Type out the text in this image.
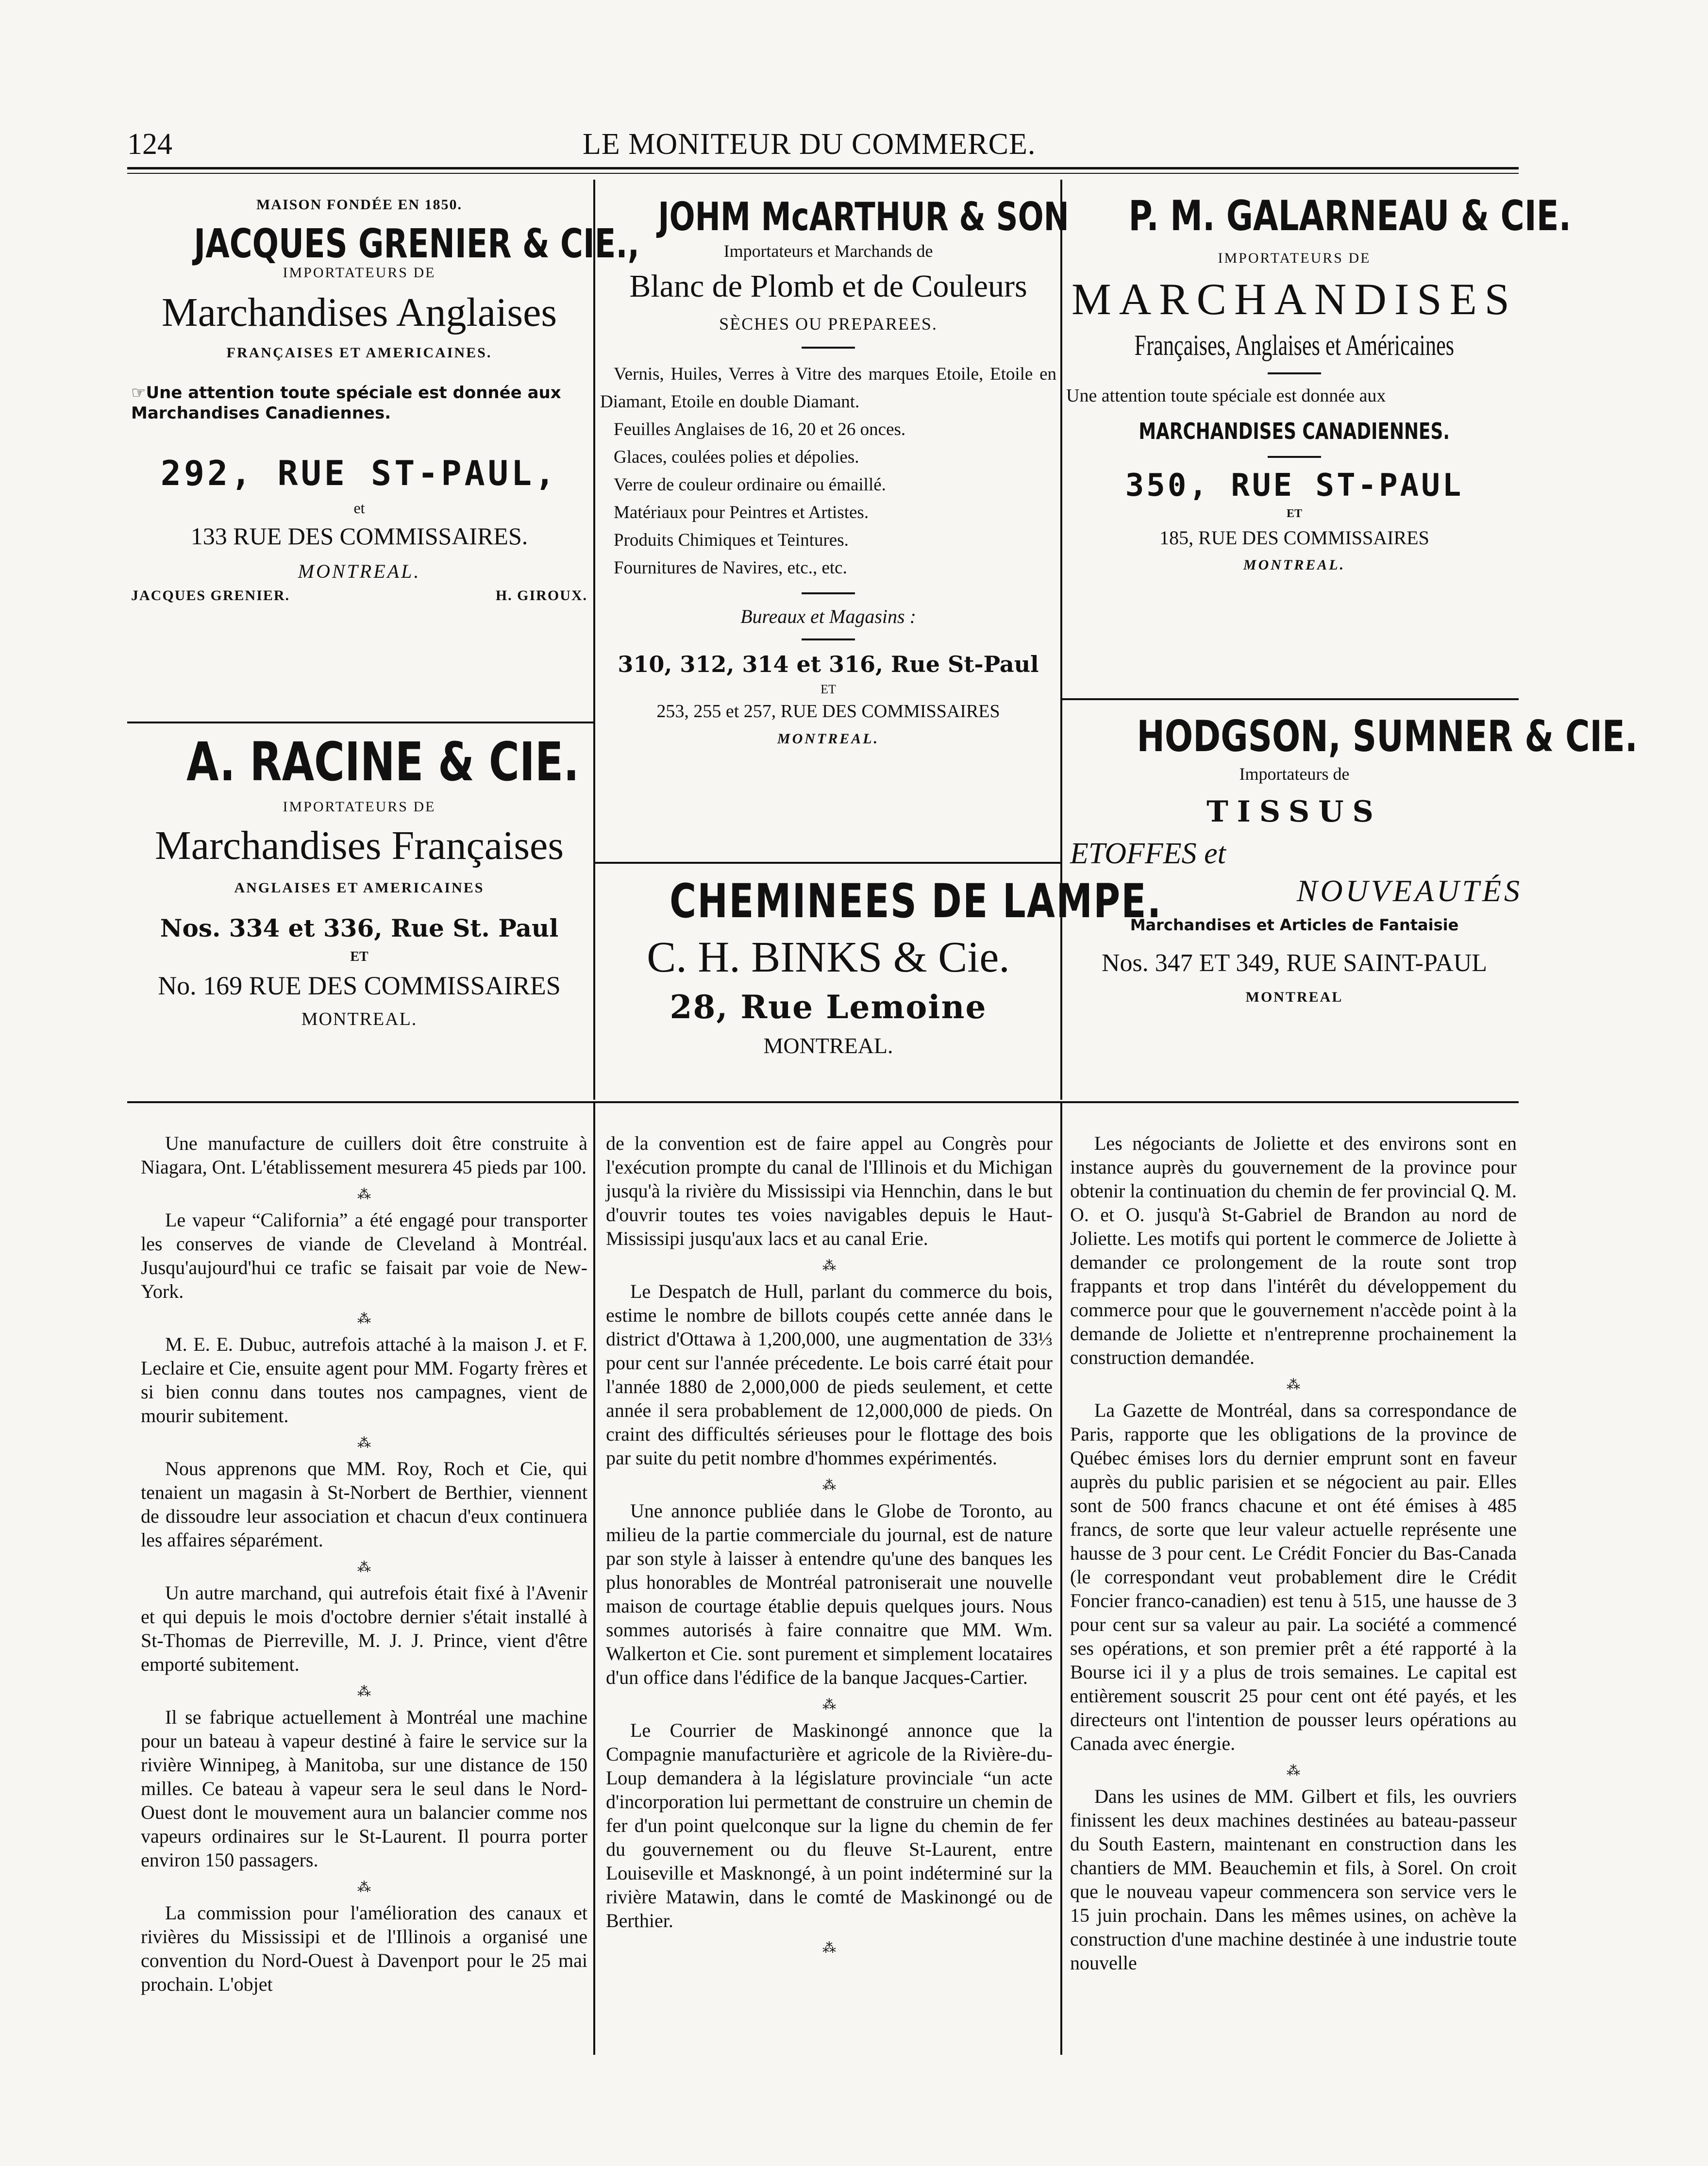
124	LE MONITEUR DU COMMERCE.
MAISON FONDÉE EN 1850.
JACQUES GRENIER & CIE.,
IMPORTATEURS DE
Marchandises Anglaises
FRANÇAISES ET AMERICAINES.
☞Une attention toute spéciale est donnée aux Marchandises Canadiennes.
292, RUE ST-PAUL,
et
133 RUE DES COMMISSAIRES.
MONTREAL.
JACQUES GRENIER.	H. GIROUX.
A. RACINE & CIE.
IMPORTATEURS DE
Marchandises Françaises
ANGLAISES ET AMERICAINES
Nos. 334 et 336, Rue St. Paul
ET
No. 169 RUE DES COMMISSAIRES
MONTREAL.
JOHM McARTHUR & SON
Importateurs et Marchands de
Blanc de Plomb et de Couleurs
SÈCHES OU PREPAREES.
Vernis, Huiles, Verres à Vitre des marques Etoile, Etoile en Diamant, Etoile en double Diamant.
Feuilles Anglaises de 16, 20 et 26 onces.
Glaces, coulées polies et dépolies.
Verre de couleur ordinaire ou émaillé.
Matériaux pour Peintres et Artistes.
Produits Chimiques et Teintures.
Fournitures de Navires, etc., etc.
Bureaux et Magasins :
310, 312, 314 et 316, Rue St-Paul
ET
253, 255 et 257, RUE DES COMMISSAIRES
MONTREAL.
CHEMINEES DE LAMPE.
C. H. BINKS & Cie.
28, Rue Lemoine
MONTREAL.
P. M. GALARNEAU & CIE.
IMPORTATEURS DE
MARCHANDISES
Françaises, Anglaises et Américaines
Une attention toute spéciale est donnée aux
MARCHANDISES CANADIENNES.
350, RUE ST-PAUL
ET
185, RUE DES COMMISSAIRES
MONTREAL.
HODGSON, SUMNER & CIE.
Importateurs de
TISSUS
ETOFFES et
NOUVEAUTÉS
Marchandises et Articles de Fantaisie
Nos. 347 ET 349, RUE SAINT-PAUL
MONTREAL

Une manufacture de cuillers doit être construite à Niagara, Ont. L'établissement mesurera 45 pieds par 100.

⁂

Le vapeur “California” a été engagé pour transporter les conserves de viande de Cleveland à Montréal. Jusqu'aujourd'hui ce trafic se faisait par voie de New-York.

⁂

M. E. E. Dubuc, autrefois attaché à la maison J. et F. Leclaire et Cie, ensuite agent pour MM. Fogarty frères et si bien connu dans toutes nos campagnes, vient de mourir subitement.

⁂

Nous apprenons que MM. Roy, Roch et Cie, qui tenaient un magasin à St-Norbert de Berthier, viennent de dissoudre leur association et chacun d'eux continuera les affaires séparément.

⁂

Un autre marchand, qui autrefois était fixé à l'Avenir et qui depuis le mois d'octobre dernier s'était installé à St-Thomas de Pierreville, M. J. J. Prince, vient d'être emporté subitement.

⁂

Il se fabrique actuellement à Montréal une machine pour un bateau à vapeur destiné à faire le service sur la rivière Winnipeg, à Manitoba, sur une distance de 150 milles. Ce bateau à vapeur sera le seul dans le Nord-Ouest dont le mouvement aura un balancier comme nos vapeurs ordinaires sur le St-Laurent. Il pourra porter environ 150 passagers.

⁂

La commission pour l'amélioration des canaux et rivières du Mississipi et de l'Illinois a organisé une convention du Nord-Ouest à Davenport pour le 25 mai prochain. L'objet

de la convention est de faire appel au Congrès pour l'exécution prompte du canal de l'Illinois et du Michigan jusqu'à la rivière du Mississipi via Hennchin, dans le but d'ouvrir toutes tes voies navigables depuis le Haut-Mississipi jusqu'aux lacs et au canal Erie.

⁂

Le Despatch de Hull, parlant du commerce du bois, estime le nombre de billots coupés cette année dans le district d'Ottawa à 1,200,000, une augmentation de 33⅓ pour cent sur l'année précedente. Le bois carré était pour l'année 1880 de 2,000,000 de pieds seulement, et cette année il sera probablement de 12,000,000 de pieds. On craint des difficultés sérieuses pour le flottage des bois par suite du petit nombre d'hommes expérimentés.

⁂

Une annonce publiée dans le Globe de Toronto, au milieu de la partie commerciale du journal, est de nature par son style à laisser à entendre qu'une des banques les plus honorables de Montréal patroniserait une nouvelle maison de courtage établie depuis quelques jours. Nous sommes autorisés à faire connaitre que MM. Wm. Walkerton et Cie. sont purement et simplement locataires d'un office dans l'édifice de la banque Jacques-Cartier.

⁂

Le Courrier de Maskinongé annonce que la Compagnie manufacturière et agricole de la Rivière-du-Loup demandera à la législature provinciale “un acte d'incorporation lui permettant de construire un chemin de fer d'un point quelconque sur la ligne du chemin de fer du gouvernement ou du fleuve St-Laurent, entre Louiseville et Masknongé, à un point indéterminé sur la rivière Matawin, dans le comté de Maskinongé ou de Berthier.

⁂

Les négociants de Joliette et des environs sont en instance auprès du gouvernement de la province pour obtenir la continuation du chemin de fer provincial Q. M. O. et O. jusqu'à St-Gabriel de Brandon au nord de Joliette. Les motifs qui portent le commerce de Joliette à demander ce prolongement de la route sont trop frappants et trop dans l'intérêt du développement du commerce pour que le gouvernement n'accède point à la demande de Joliette et n'entreprenne prochainement la construction demandée.

⁂

La Gazette de Montréal, dans sa correspondance de Paris, rapporte que les obligations de la province de Québec émises lors du dernier emprunt sont en faveur auprès du public parisien et se négocient au pair. Elles sont de 500 francs chacune et ont été émises à 485 francs, de sorte que leur valeur actuelle représente une hausse de 3 pour cent. Le Crédit Foncier du Bas-Canada (le correspondant veut probablement dire le Crédit Foncier franco-canadien) est tenu à 515, une hausse de 3 pour cent sur sa valeur au pair. La société a commencé ses opérations, et son premier prêt a été rapporté à la Bourse ici il y a plus de trois semaines. Le capital est entièrement souscrit 25 pour cent ont été payés, et les directeurs ont l'intention de pousser leurs opérations au Canada avec énergie.

⁂

Dans les usines de MM. Gilbert et fils, les ouvriers finissent les deux machines destinées au bateau-passeur du South Eastern, maintenant en construction dans les chantiers de MM. Beauchemin et fils, à Sorel. On croit que le nouveau vapeur commencera son service vers le 15 juin prochain. Dans les mêmes usines, on achève la construction d'une machine destinée à une industrie toute nouvelle
